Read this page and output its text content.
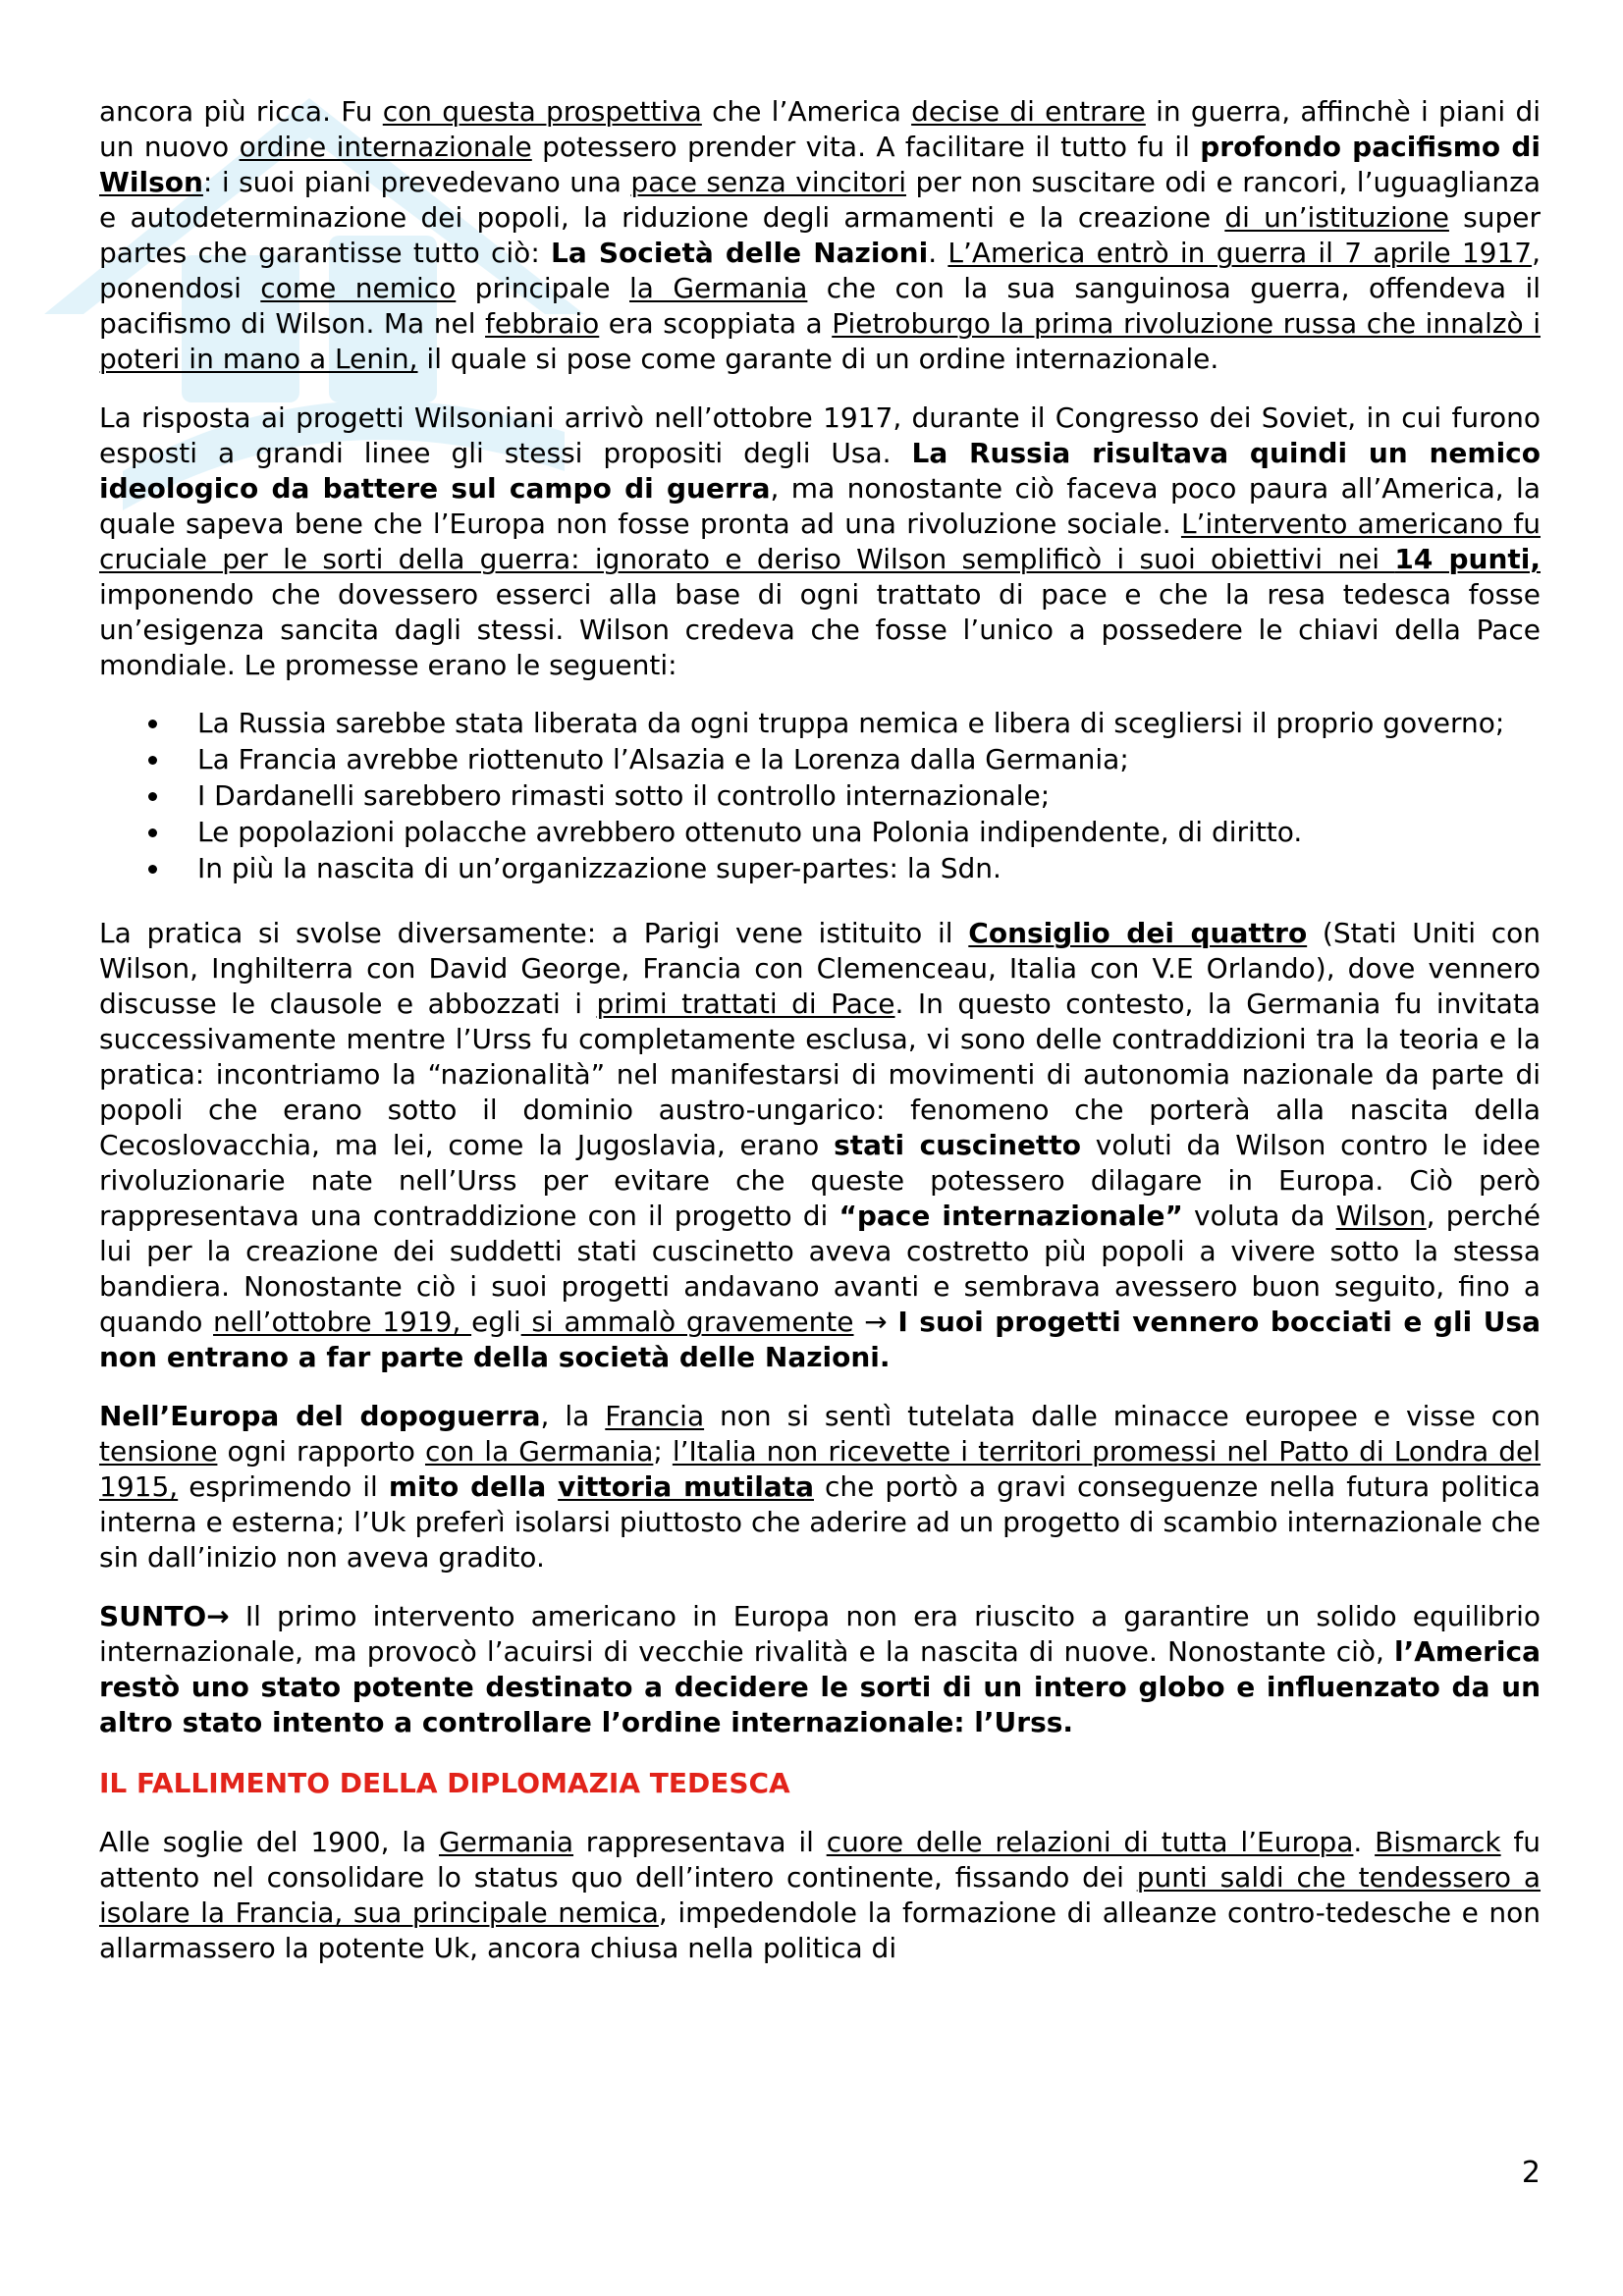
ancora più ricca. Fu con questa prospettiva che l’America decise di entrare in guerra, affinchè i piani di un nuovo ordine internazionale potessero prender vita. A facilitare il tutto fu il profondo pacifismo di Wilson: i suoi piani prevedevano una pace senza vincitori per non suscitare odi e rancori, l’uguaglianza e autodeterminazione dei popoli, la riduzione degli armamenti e la creazione di un’istituzione super partes che garantisse tutto ciò: La Società delle Nazioni. L’America entrò in guerra il 7 aprile 1917, ponendosi come nemico principale la Germania che con la sua sanguinosa guerra, offendeva il pacifismo di Wilson. Ma nel febbraio era scoppiata a Pietroburgo la prima rivoluzione russa che innalzò i poteri in mano a Lenin, il quale si pose come garante di un ordine internazionale.

La risposta ai progetti Wilsoniani arrivò nell’ottobre 1917, durante il Congresso dei Soviet, in cui furono esposti a grandi linee gli stessi propositi degli Usa. La Russia risultava quindi un nemico ideologico da battere sul campo di guerra, ma nonostante ciò faceva poco paura all’America, la quale sapeva bene che l’Europa non fosse pronta ad una rivoluzione sociale. L’intervento americano fu cruciale per le sorti della guerra: ignorato e deriso Wilson semplificò i suoi obiettivi nei 14 punti, imponendo che dovessero esserci alla base di ogni trattato di pace e che la resa tedesca fosse un’esigenza sancita dagli stessi. Wilson credeva che fosse l’unico a possedere le chiavi della Pace mondiale. Le promesse erano le seguenti:

La Russia sarebbe stata liberata da ogni truppa nemica e libera di scegliersi il proprio governo;
La Francia avrebbe riottenuto l’Alsazia e la Lorenza dalla Germania;
I Dardanelli sarebbero rimasti sotto il controllo internazionale;
Le popolazioni polacche avrebbero ottenuto una Polonia indipendente, di diritto.
In più la nascita di un’organizzazione super-partes: la Sdn.

La pratica si svolse diversamente: a Parigi vene istituito il Consiglio dei quattro (Stati Uniti con Wilson, Inghilterra con David George, Francia con Clemenceau, Italia con V.E Orlando), dove vennero discusse le clausole e abbozzati i primi trattati di Pace. In questo contesto, la Germania fu invitata successivamente mentre l’Urss fu completamente esclusa, vi sono delle contraddizioni tra la teoria e la pratica: incontriamo la “nazionalità” nel manifestarsi di movimenti di autonomia nazionale da parte di popoli che erano sotto il dominio austro-ungarico: fenomeno che porterà alla nascita della Cecoslovacchia, ma lei, come la Jugoslavia, erano stati cuscinetto voluti da Wilson contro le idee rivoluzionarie nate nell’Urss per evitare che queste potessero dilagare in Europa. Ciò però rappresentava una contraddizione con il progetto di “pace internazionale” voluta da Wilson, perché lui per la creazione dei suddetti stati cuscinetto aveva costretto più popoli a vivere sotto la stessa bandiera. Nonostante ciò i suoi progetti andavano avanti e sembrava avessero buon seguito, fino a quando nell’ottobre 1919, egli si ammalò gravemente → I suoi progetti vennero bocciati e gli Usa non entrano a far parte della società delle Nazioni.

Nell’Europa del dopoguerra, la Francia non si sentì tutelata dalle minacce europee e visse con tensione ogni rapporto con la Germania; l’Italia non ricevette i territori promessi nel Patto di Londra del 1915, esprimendo il mito della vittoria mutilata che portò a gravi conseguenze nella futura politica interna e esterna; l’Uk preferì isolarsi piuttosto che aderire ad un progetto di scambio internazionale che sin dall’inizio non aveva gradito.

SUNTO→ Il primo intervento americano in Europa non era riuscito a garantire un solido equilibrio internazionale, ma provocò l’acuirsi di vecchie rivalità e la nascita di nuove. Nonostante ciò, l’America restò uno stato potente destinato a decidere le sorti di un intero globo e influenzato da un altro stato intento a controllare l’ordine internazionale: l’Urss.

IL FALLIMENTO DELLA DIPLOMAZIA TEDESCA

Alle soglie del 1900, la Germania rappresentava il cuore delle relazioni di tutta l’Europa. Bismarck fu attento nel consolidare lo status quo dell’intero continente, fissando dei punti saldi che tendessero a isolare la Francia, sua principale nemica, impedendole la formazione di alleanze contro-tedesche e non allarmassero la potente Uk, ancora chiusa nella politica di

2
